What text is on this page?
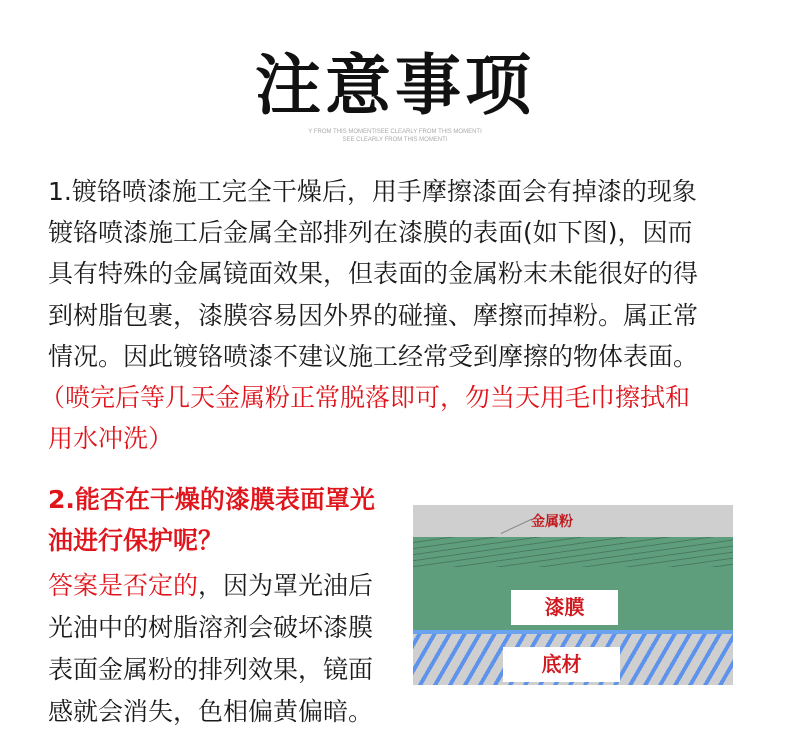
注意事项
Y FROM THIS MOMENTISEE CLEARLY FROM THIS MOMENTI
SEE CLEARLY FROM THIS MOMENTI
1.镀铬喷漆施工完全干燥后，用手摩擦漆面会有掉漆的现象
镀铬喷漆施工后金属全部排列在漆膜的表面(如下图)，因而
具有特殊的金属镜面效果，但表面的金属粉末未能很好的得
到树脂包裹，漆膜容易因外界的碰撞、摩擦而掉粉。属正常
情况。因此镀铬喷漆不建议施工经常受到摩擦的物体表面。
（喷完后等几天金属粉正常脱落即可，勿当天用毛巾擦拭和
用水冲洗）
2.能否在干燥的漆膜表面罩光
油进行保护呢？
答案是否定的，因为罩光油后
光油中的树脂溶剂会破坏漆膜
表面金属粉的排列效果，镜面
感就会消失，色相偏黄偏暗。
金属粉
漆膜
底材
